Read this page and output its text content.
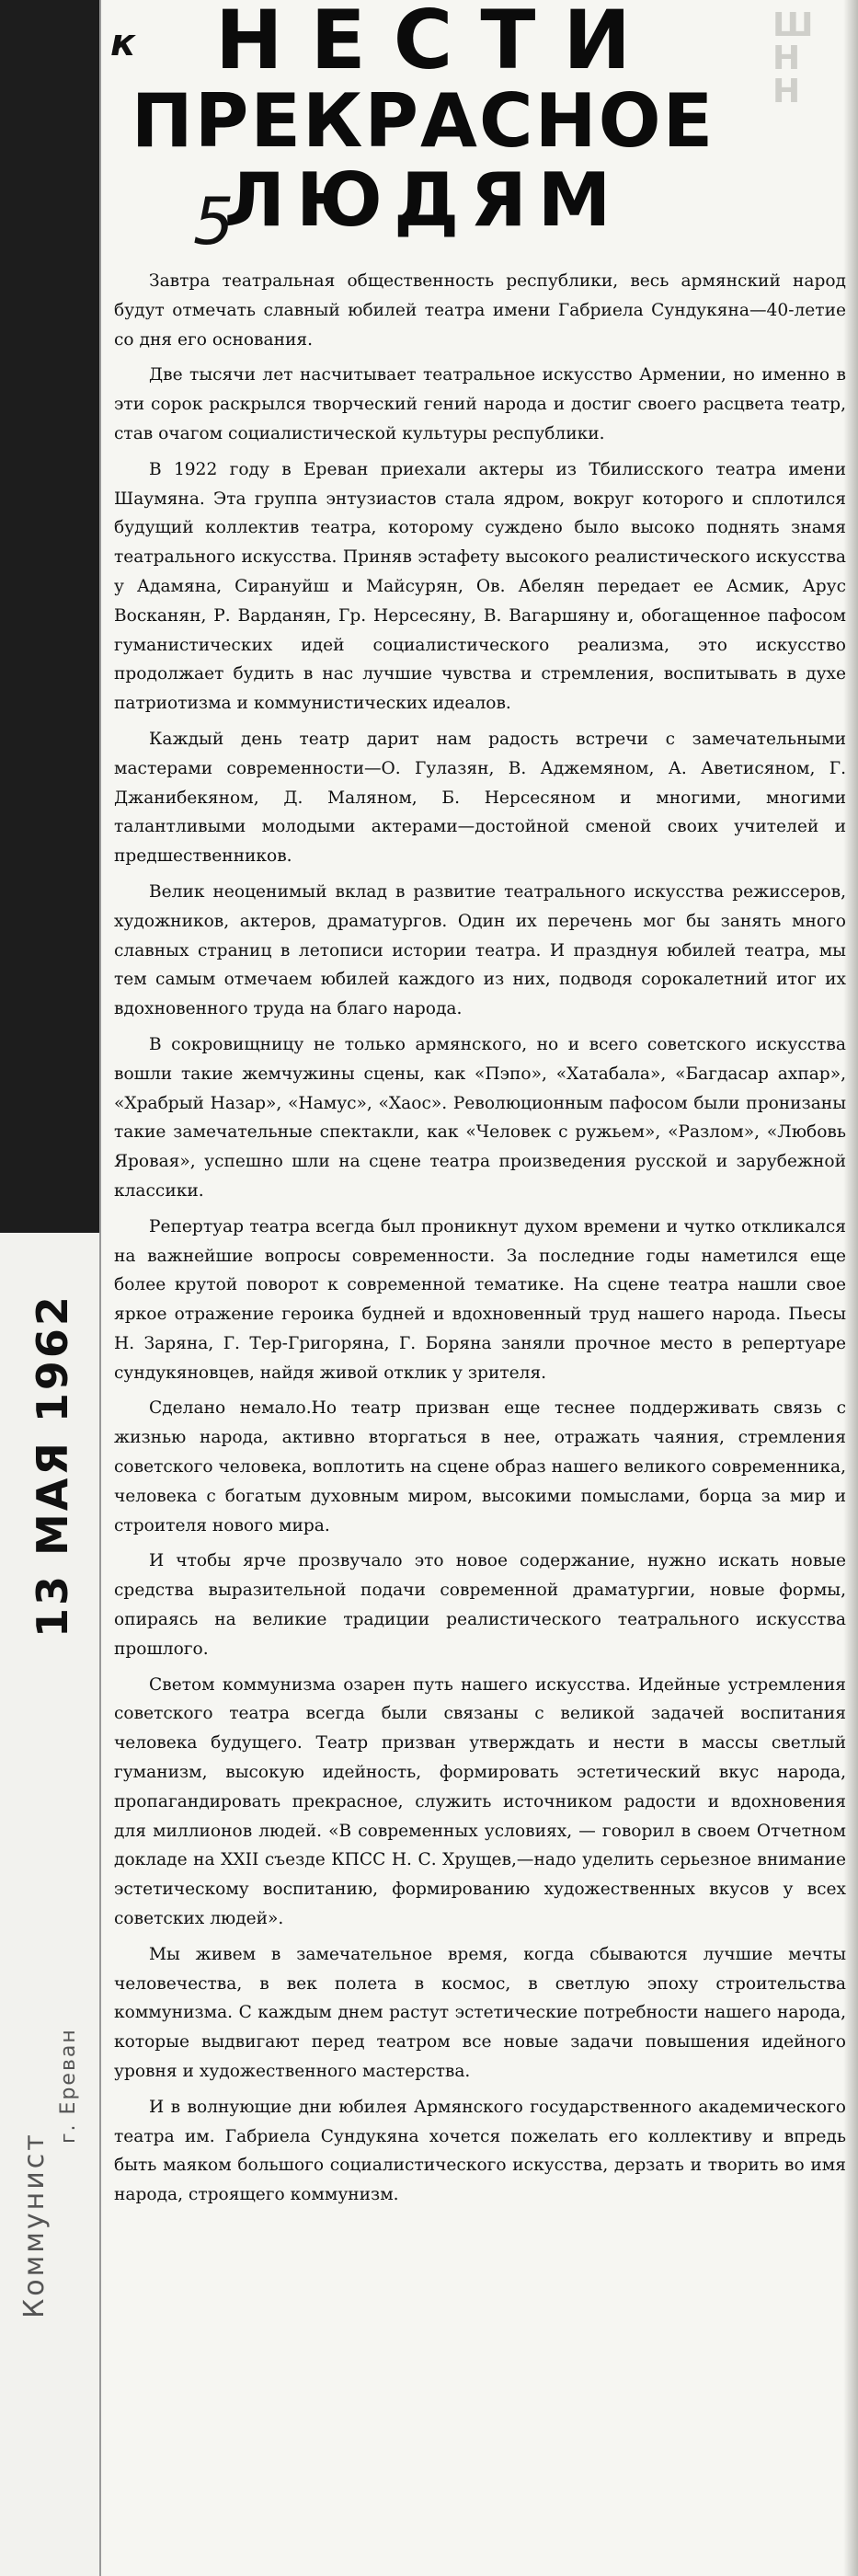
Ш
Н
Н
НЕСТИ
ПРЕКРАСНОЕ
ЛЮДЯМ
к
5
13 МАЯ 1962
Коммунист
г. Ереван

Завтра театральная общественность республики, весь армянский народ будут отмечать славный юбилей театра имени Габриела Сундукяна—40-летие со дня его основания.

Две тысячи лет насчитывает театральное искусство Армении, но именно в эти сорок раскрылся творческий гений народа и достиг своего расцвета театр, став очагом социалистической культуры республики.

В 1922 году в Ереван приехали актеры из Тбилисского театра имени Шаумяна. Эта группа энтузиастов стала ядром, вокруг которого и сплотился будущий коллектив театра, которому суждено было высоко поднять знамя театрального искусства. Приняв эстафету высокого реалистического искусства у Адамяна, Сирануйш и Майсурян, Ов. Абелян передает ее Асмик, Арус Восканян, Р. Варданян, Гр. Нерсесяну, В. Вагаршяну и, обогащенное пафосом гуманистических идей социалистического реализма, это искусство продолжает будить в нас лучшие чувства и стремления, воспитывать в духе патриотизма и коммунистических идеалов.

Каждый день театр дарит нам радость встречи с замечательными мастерами современности—О. Гулазян, В. Аджемяном, А. Аветисяном, Г. Джанибекяном, Д. Маляном, Б. Нерсесяном и многими, многими талантливыми молодыми актерами—достойной сменой своих учителей и предшественников.

Велик неоценимый вклад в развитие театрального искусства режиссеров, художников, актеров, драматургов. Один их перечень мог бы занять много славных страниц в летописи истории театра. И празднуя юбилей театра, мы тем самым отмечаем юбилей каждого из них, подводя сорокалетний итог их вдохновенного труда на благо народа.

В сокровищницу не только армянского, но и всего советского искусства вошли такие жемчужины сцены, как «Пэпо», «Хатабала», «Багдасар ахпар», «Храбрый Назар», «Намус», «Хаос». Революционным пафосом были пронизаны такие замечательные спектакли, как «Человек с ружьем», «Разлом», «Любовь Яровая», успешно шли на сцене театра произведения русской и зарубежной классики.

Репертуар театра всегда был проникнут духом времени и чутко откликался на важнейшие вопросы современности. За последние годы наметился еще более крутой поворот к современной тематике. На сцене театра нашли свое яркое отражение героика будней и вдохновенный труд нашего народа. Пьесы Н. Заряна, Г. Тер-Григоряна, Г. Боряна заняли прочное место в репертуаре сундукяновцев, найдя живой отклик у зрителя.

Сделано немало.Но театр призван еще теснее поддерживать связь с жизнью народа, активно вторгаться в нее, отражать чаяния, стремления советского человека, воплотить на сцене образ нашего великого современника, человека с богатым духовным миром, высокими помыслами, борца за мир и строителя нового мира.

И чтобы ярче прозвучало это новое содержание, нужно искать новые средства выразительной подачи современной драматургии, новые формы, опираясь на великие традиции реалистического театрального искусства прошлого.

Светом коммунизма озарен путь нашего искусства. Идейные устремления советского театра всегда были связаны с великой задачей воспитания человека будущего. Театр призван утверждать и нести в массы светлый гуманизм, высокую идейность, формировать эстетический вкус народа, пропагандировать прекрасное, служить источником радости и вдохновения для миллионов людей. «В современных условиях, — говорил в своем Отчетном докладе на XXII съезде КПСС Н. С. Хрущев,—надо уделить серьезное внимание эстетическому воспитанию, формированию художественных вкусов у всех советских людей».

Мы живем в замечательное время, когда сбываются лучшие мечты человечества, в век полета в космос, в светлую эпоху строительства коммунизма. С каждым днем растут эстетические потребности нашего народа, которые выдвигают перед театром все новые задачи повышения идейного уровня и художественного мастерства.

И в волнующие дни юбилея Армянского государственного академического театра им. Габриела Сундукяна хочется пожелать его коллективу и впредь быть маяком большого социалистического искусства, дерзать и творить во имя народа, строящего коммунизм.
